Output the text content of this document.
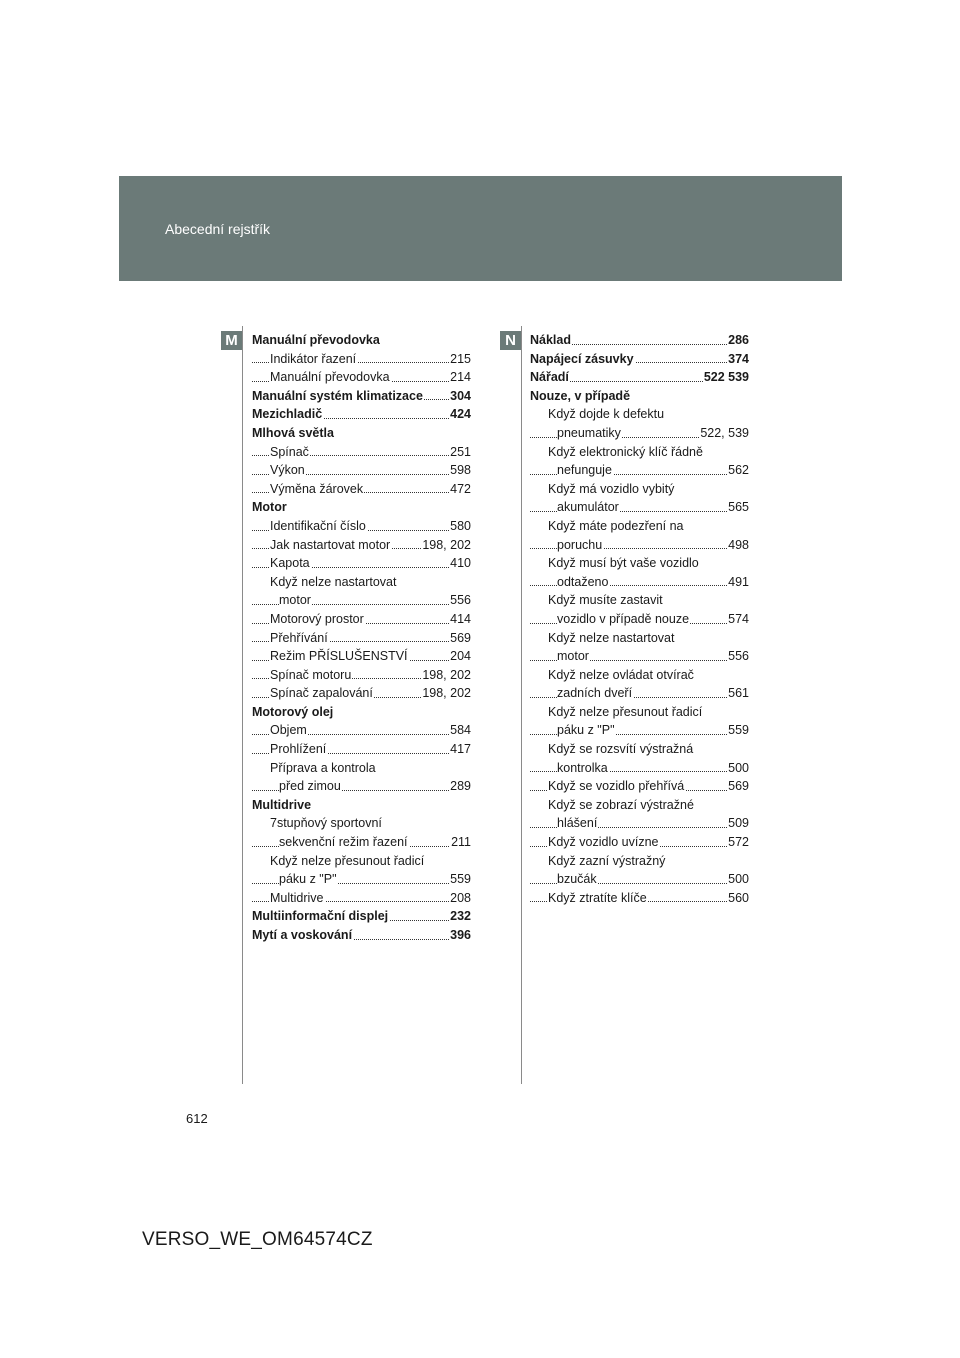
Abecední rejstřík
M	N
Manuální převodovka
Indikátor řazení	215
Manuální převodovka	214
Manuální systém klimatizace 304
Mezichladič	424
Mlhová světla
Spínač	251
Výkon	598
Výměna žárovek	472
Motor
Identifikační číslo	580
Jak nastartovat motor	198, 202
Kapota	410
Když nelze nastartovat
motor	556
Motorový prostor	414
Přehřívání	569
Režim PŘÍSLUŠENSTVÍ	204
Spínač motoru	198, 202
Spínač zapalování	198, 202
Motorový olej
Objem	584
Prohlížení	417
Příprava a kontrola
před zimou	289
Multidrive
7stupňový sportovní
sekvenční režim řazení	211
Když nelze přesunout řadicí
páku z "P"	559
Multidrive	208
Multiinformační displej	232
Mytí a voskování	396
Náklad	286
Napájecí zásuvky	374
Nářadí	522 539
Nouze, v případě
Když dojde k defektu
pneumatiky	522, 539
Když elektronický klíč řádně
nefunguje	562
Když má vozidlo vybitý
akumulátor	565
Když máte podezření na
poruchu	498
Když musí být vaše vozidlo
odtaženo	491
Když musíte zastavit
vozidlo v případě nouze	574
Když nelze nastartovat
motor	556
Když nelze ovládat otvírač
zadních dveří	561
Když nelze přesunout řadicí
páku z "P"	559
Když se rozsvítí výstražná
kontrolka	500
Když se vozidlo přehřívá	569
Když se zobrazí výstražné
hlášení	509
Když vozidlo uvízne	572
Když zazní výstražný
bzučák	500
Když ztratíte klíče	560
612
VERSO_WE_OM64574CZ
